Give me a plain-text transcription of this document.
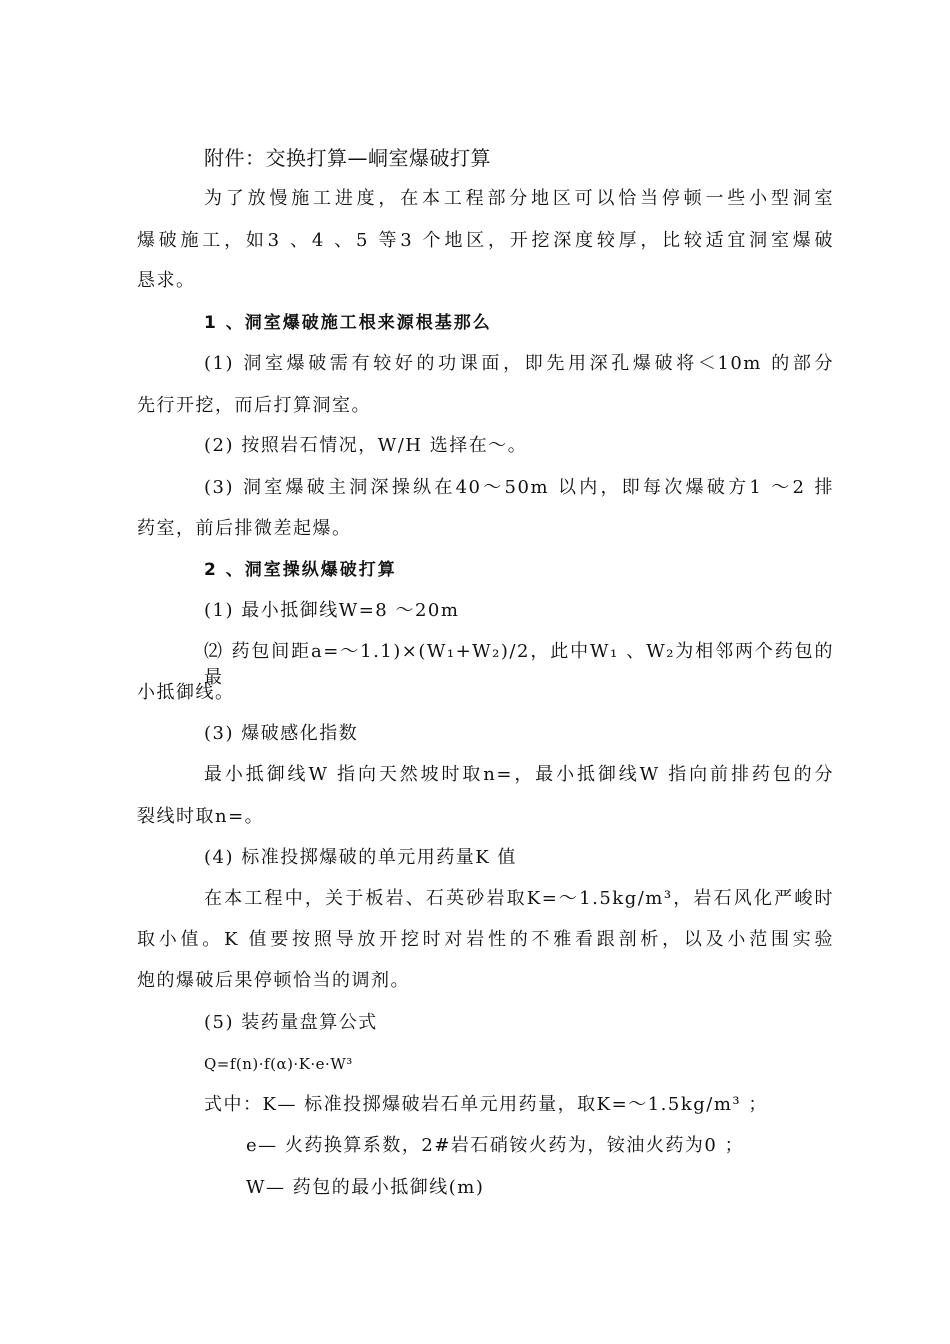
附件：交换打算—峒室爆破打算
为了放慢施工进度，在本工程部分地区可以恰当停顿一些小型洞室
爆破施工，如3 、4 、5 等3 个地区，开挖深度较厚，比较适宜洞室爆破
恳求。
1 、洞室爆破施工根来源根基那么
(1) 洞室爆破需有较好的功课面，即先用深孔爆破将＜10m 的部分
先行开挖，而后打算洞室。
(2) 按照岩石情况，W/H 选择在～。
(3) 洞室爆破主洞深操纵在40～50m 以内，即每次爆破方1 ～2 排
药室，前后排微差起爆。
2 、洞室操纵爆破打算
(1) 最小抵御线W=8 ～20m
⑵ 药包间距a=～1.1)×(W₁+W₂)/2，此中W₁ 、W₂为相邻两个药包的最
小抵御线。
(3) 爆破感化指数
最小抵御线W 指向天然坡时取n=，最小抵御线W 指向前排药包的分
裂线时取n=。
(4) 标准投掷爆破的单元用药量K 值
在本工程中，关于板岩、石英砂岩取K=～1.5kg/m³，岩石风化严峻时
取小值。K 值要按照导放开挖时对岩性的不雅看跟剖析，以及小范围实验
炮的爆破后果停顿恰当的调剂。
(5) 装药量盘算公式
Q=f(n)·f(α)·K·e·W³
式中：K— 标准投掷爆破岩石单元用药量，取K=～1.5kg/m³ ；
e— 火药换算系数，2#岩石硝铵火药为，铵油火药为0 ；
W— 药包的最小抵御线(m)
